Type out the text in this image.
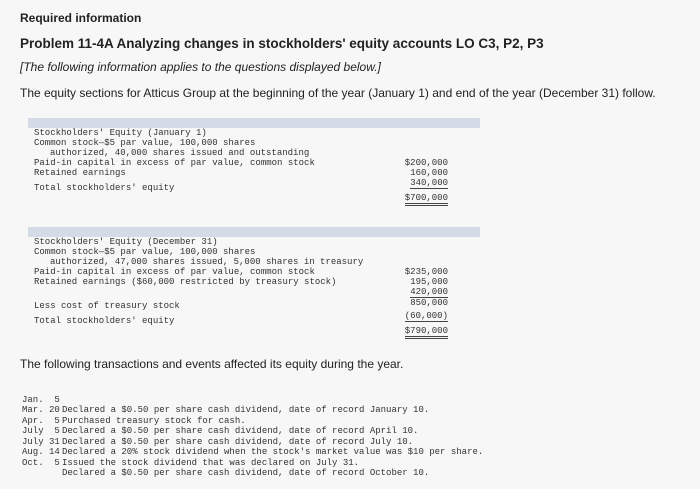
Required information
Problem 11-4A Analyzing changes in stockholders' equity accounts LO C3, P2, P3
[The following information applies to the questions displayed below.]
The equity sections for Atticus Group at the beginning of the year (January 1) and end of the year (December 31) follow.

Stockholders' Equity (January 1)

Common stock—$5 par value, 100,000 shares

authorized, 40,000 shares issued and outstanding

$200,000

Paid-in capital in excess of par value, common stock

160,000

Retained earnings

340,000

Total stockholders' equity

$700,000

Stockholders' Equity (December 31)

Common stock—$5 par value, 100,000 shares

authorized, 47,000 shares issued, 5,000 shares in treasury

$235,000

Paid-in capital in excess of par value, common stock

195,000

Retained earnings ($60,000 restricted by treasury stock)

420,000

850,000

Less cost of treasury stock

(60,000)

Total stockholders' equity

$790,000

The following transactions and events affected its equity during the year.

Jan.  5

Declared a $0.50 per share cash dividend, date of record January 10.

Mar. 20

Purchased treasury stock for cash.

Apr.  5

Declared a $0.50 per share cash dividend, date of record April 10.

July  5

Declared a $0.50 per share cash dividend, date of record July 10.

July 31

Declared a 20% stock dividend when the stock's market value was $10 per share.

Aug. 14

Issued the stock dividend that was declared on July 31.

Oct.  5

Declared a $0.50 per share cash dividend, date of record October 10.
